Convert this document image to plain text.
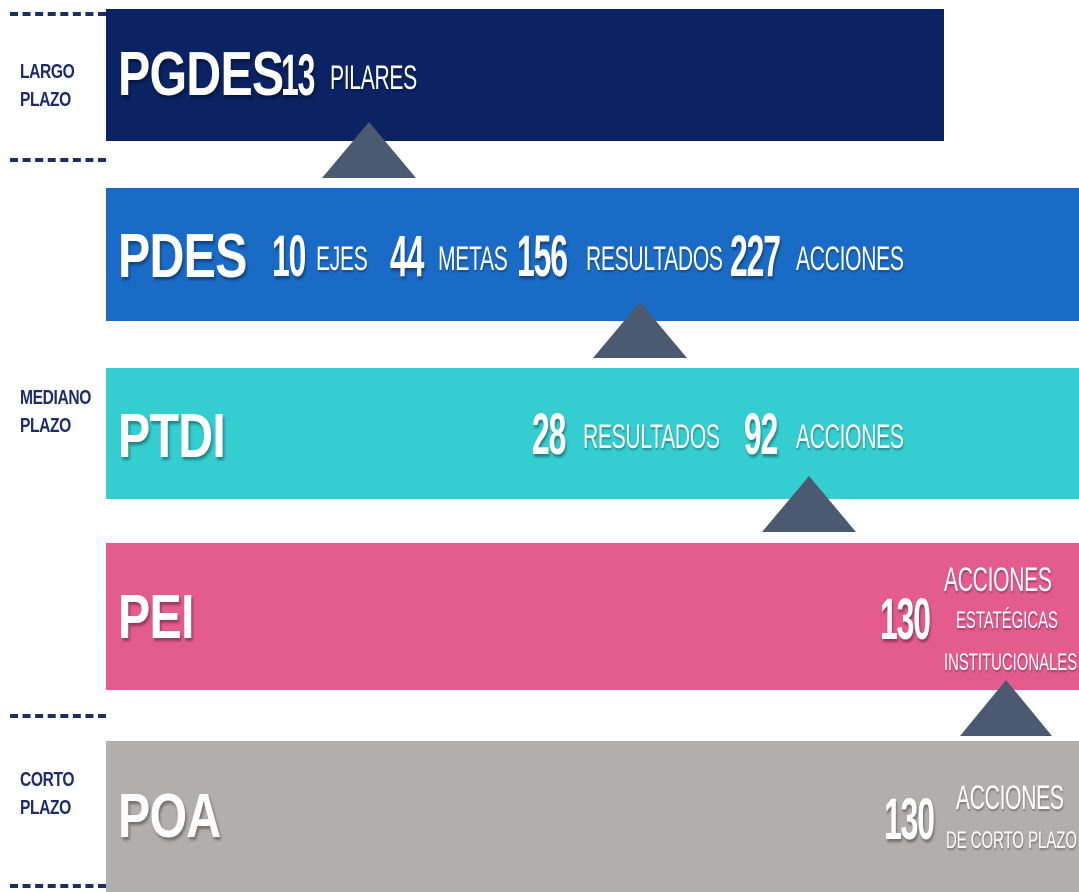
LARGO
PLAZO
MEDIANO
PLAZO
CORTO
PLAZO
PGDES
13 PILARES
PDES 10 EJES 44 METAS 156 RESULTADOS 227 ACCIONES
PTDI	28 RESULTADOS 92 ACCIONES
PEI	130
ACCIONES
ESTATÉGICAS
INSTITUCIONALES
POA	130 ACCIONES
DE CORTO PLAZO
